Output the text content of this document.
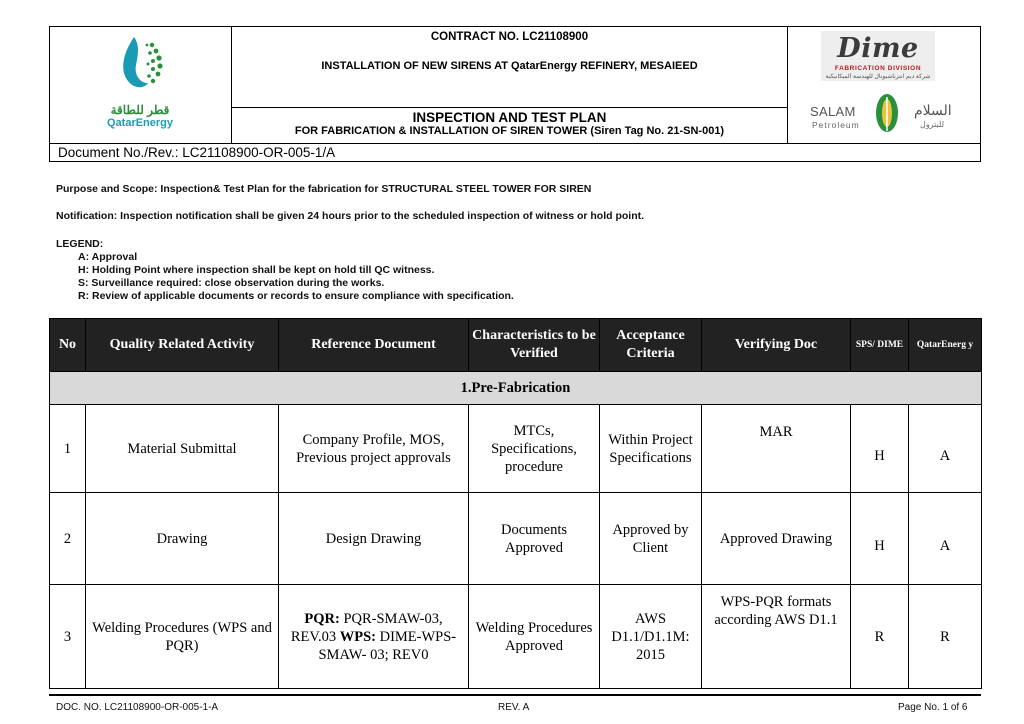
قطر للطاقة
QatarEnergy
CONTRACT NO. LC21108900
INSTALLATION OF NEW SIRENS AT QatarEnergy REFINERY, MESAIEED
INSPECTION AND TEST PLAN
FOR FABRICATION & INSTALLATION OF SIREN TOWER (Siren Tag No. 21-SN-001)
Dime
FABRICATION DIVISION
شركة ديم انترناشيونال للهندسة الميكانيكية
SALAM
Petroleum
السلام
للبترول
Document No./Rev.: LC21108900-OR-005-1/A
Purpose and Scope: Inspection& Test Plan for the fabrication for STRUCTURAL STEEL TOWER FOR SIREN
Notification: Inspection notification shall be given 24 hours prior to the scheduled inspection of witness or hold point.
LEGEND:
A: Approval
H: Holding Point where inspection shall be kept on hold till QC witness.
S: Surveillance required: close observation during the works.
R: Review of applicable documents or records to ensure compliance with specification.
No	Quality Related Activity	Reference Document	Characteristics to be Verified	Acceptance Criteria	Verifying Doc	SPS/ DIME	QatarEnerg y
1.Pre-Fabrication							
1	Material Submittal	Company Profile, MOS, Previous project approvals	MTCs, Specifications, procedure	Within Project Specifications	MAR	H	A
2	Drawing	Design Drawing	Documents Approved	Approved by Client	Approved Drawing	H	A
3	Welding Procedures (WPS and PQR)	PQR: PQR-SMAW-03, REV.03 WPS: DIME-WPS-SMAW- 03; REV0	Welding Procedures Approved	AWS D1.1/D1.1M: 2015	WPS-PQR formats according AWS D1.1	R	R
DOC. NO. LC21108900-OR-005-1-A	REV. A	Page No. 1 of 6
